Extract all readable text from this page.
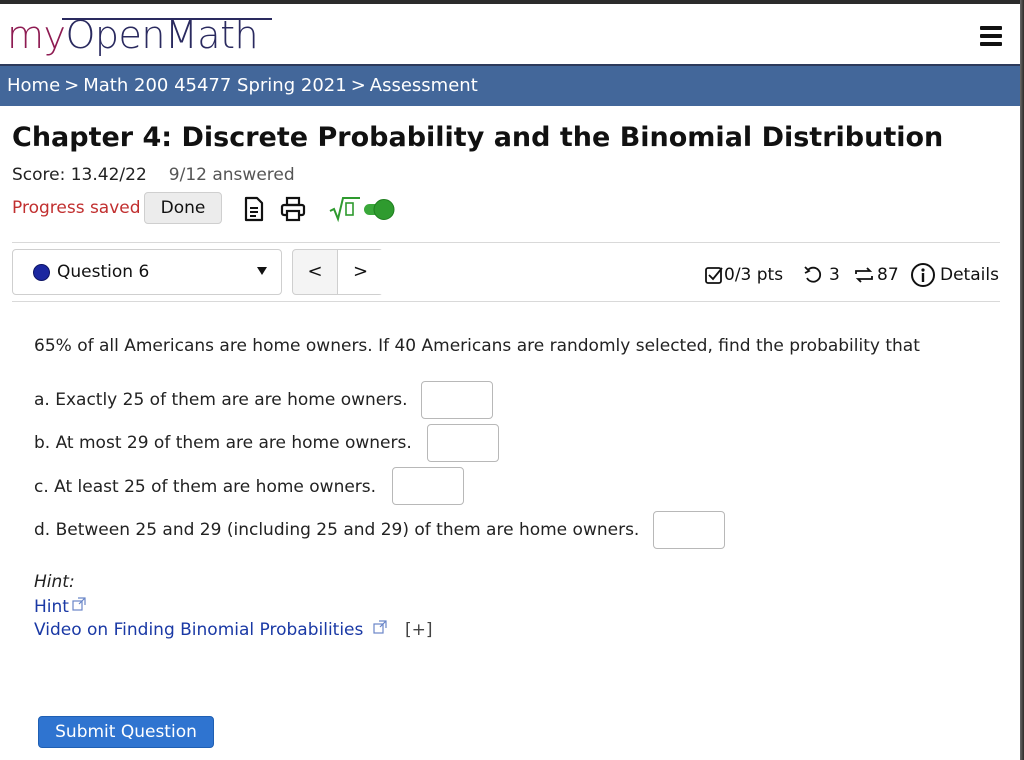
myOpenMath
Home > Math 200 45477 Spring 2021 > Assessment
Chapter 4: Discrete Probability and the Binomial Distribution
Score: 13.42/22 9/12 answered
Progress saved	Done
Question 6	<	>	0/3 pts	3	87	Details

65% of all Americans are home owners. If 40 Americans are randomly selected, find the probability that

a. Exactly 25 of them are are home owners.
b. At most 29 of them are are home owners.
c. At least 25 of them are home owners.
d. Between 25 and 29 (including 25 and 29) of them are home owners.
Hint:
Hint
Video on Finding Binomial Probabilities	[+]
Submit Question
